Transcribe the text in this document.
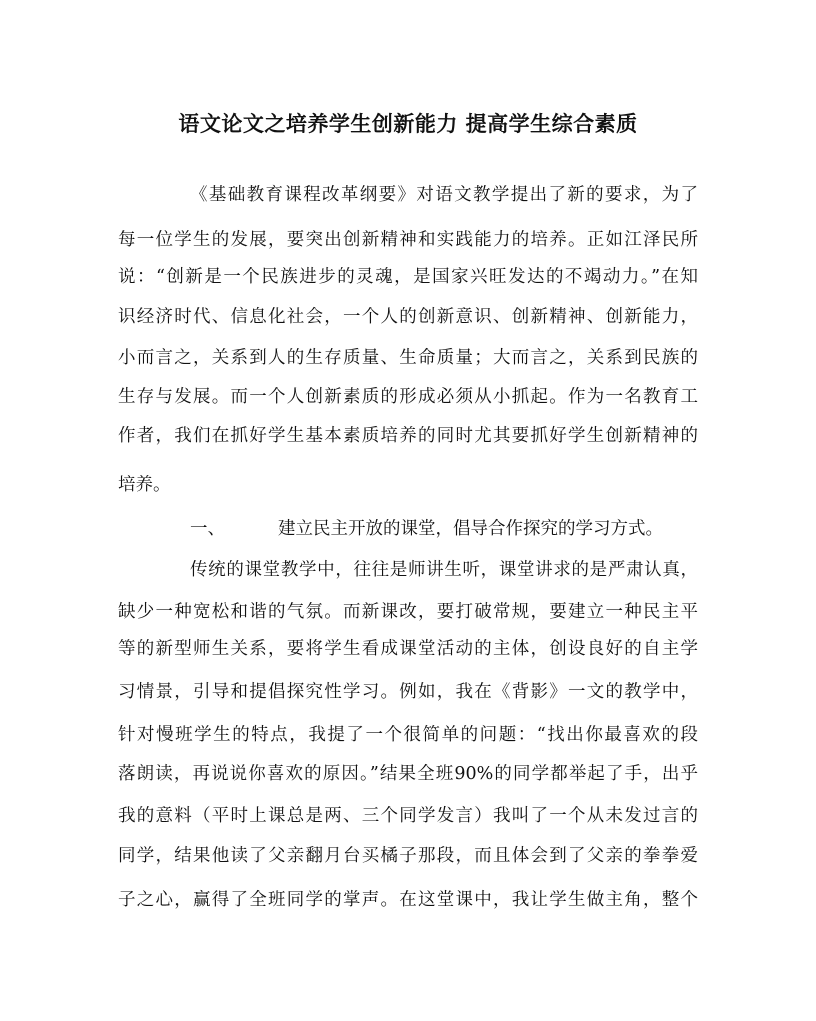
语文论文之培养学生创新能力 提高学生综合素质
《基础教育课程改革纲要》对语文教学提出了新的要求，为了
每一位学生的发展，要突出创新精神和实践能力的培养。正如江泽民所
说：“创新是一个民族进步的灵魂，是国家兴旺发达的不竭动力。”在知
识经济时代、信息化社会，一个人的创新意识、创新精神、创新能力，
小而言之，关系到人的生存质量、生命质量；大而言之，关系到民族的
生存与发展。而一个人创新素质的形成必须从小抓起。作为一名教育工
作者，我们在抓好学生基本素质培养的同时尤其要抓好学生创新精神的
培养。
一、	建立民主开放的课堂，倡导合作探究的学习方式。
传统的课堂教学中，往往是师讲生听，课堂讲求的是严肃认真，
缺少一种宽松和谐的气氛。而新课改，要打破常规，要建立一种民主平
等的新型师生关系，要将学生看成课堂活动的主体，创设良好的自主学
习情景，引导和提倡探究性学习。例如，我在《背影》一文的教学中，
针对慢班学生的特点，我提了一个很简单的问题：“找出你最喜欢的段
落朗读，再说说你喜欢的原因。”结果全班90%的同学都举起了手，出乎
我的意料（平时上课总是两、三个同学发言）我叫了一个从未发过言的
同学，结果他读了父亲翻月台买橘子那段，而且体会到了父亲的拳拳爱
子之心，赢得了全班同学的掌声。在这堂课中，我让学生做主角，整个
